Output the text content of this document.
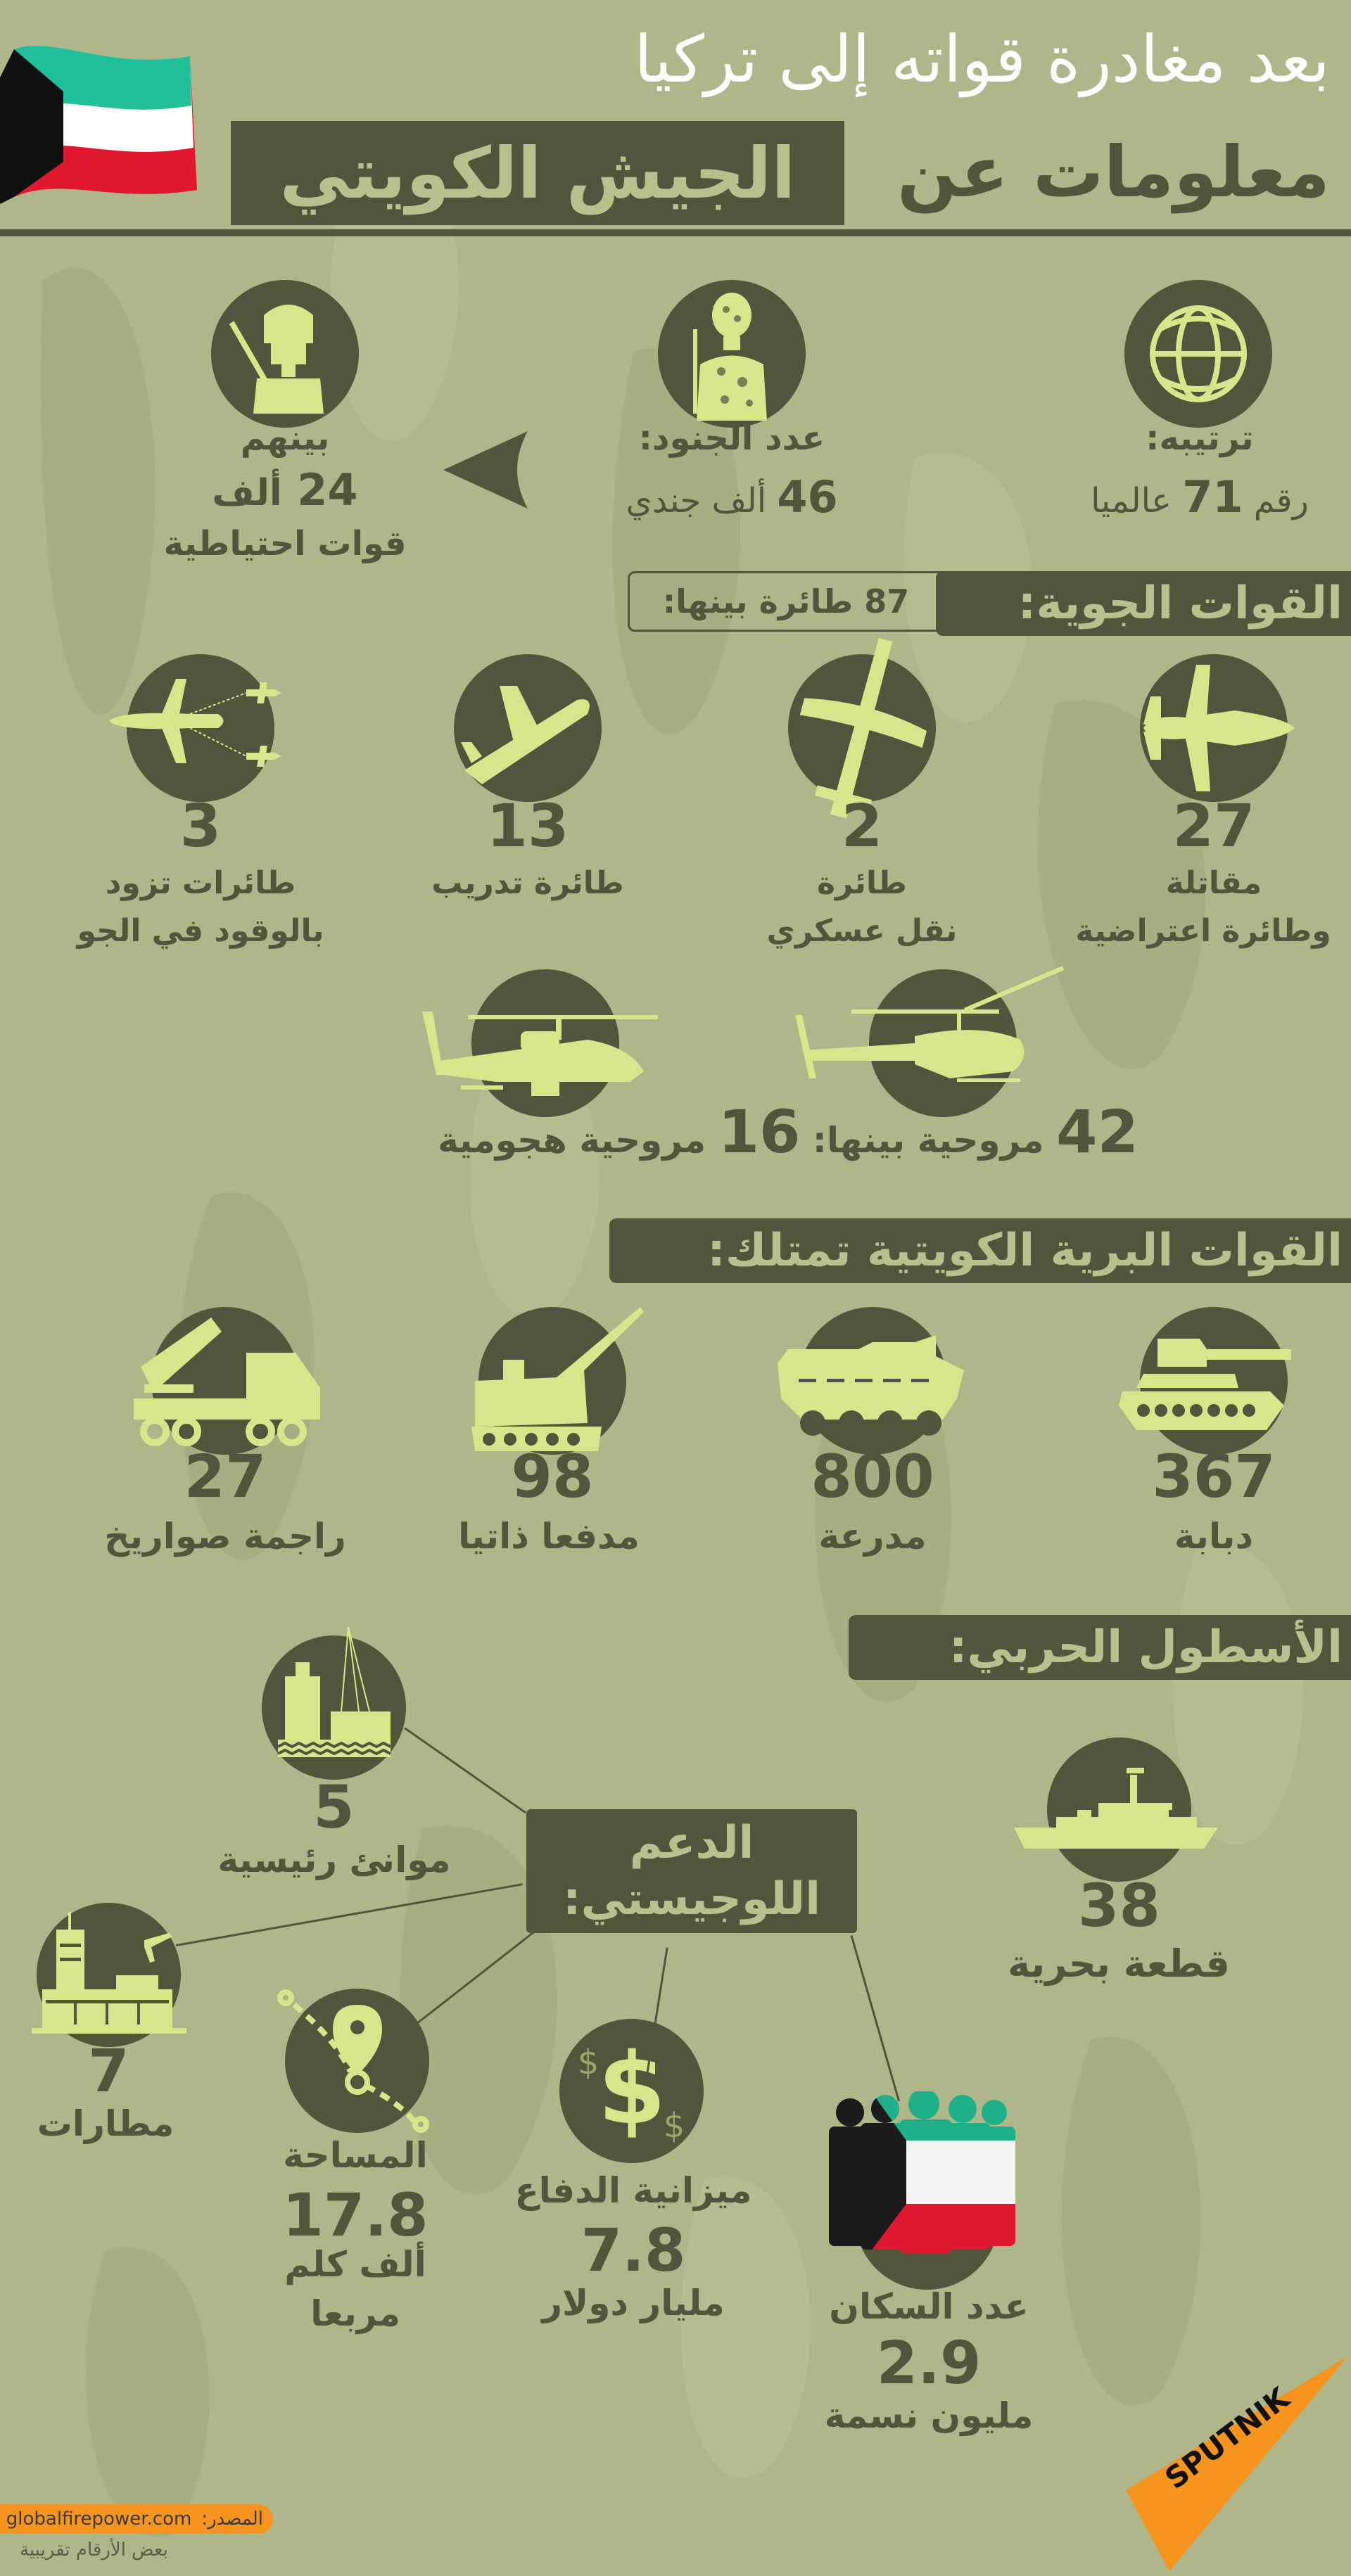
بعد مغادرة قواته إلى تركيا
معلومات عن
الجيش الكويتي
ترتيبه:
رقم 71 عالميا
عدد الجنود:
46 ألف جندي
بينهم
24 ألف
قوات احتياطية
87 طائرة بينها: القوات الجوية:
27
مقاتلة
وطائرة اعتراضية
2
طائرة
نقل عسكري
13
طائرة تدريب
3
طائرات تزود
بالوقود في الجو
42 مروحية بينها: 16 مروحية هجومية
القوات البرية الكويتية تمتلك:
367
دبابة
800
مدرعة
98
مدفعا ذاتيا
27
راجمة صواريخ
الأسطول الحربي:
38
قطعة بحرية
الدعم
اللوجيستي:
5
موانئ رئيسية
7
مطارات
المساحة
17.8
ألف كلم
مربعا
$
$
$
ميزانية الدفاع
7.8
مليار دولار	عدد السكان
2.9
مليون نسمة
globalfirepower.com المصدر:
بعض الأرقام تقريبية
SPUTNIK
